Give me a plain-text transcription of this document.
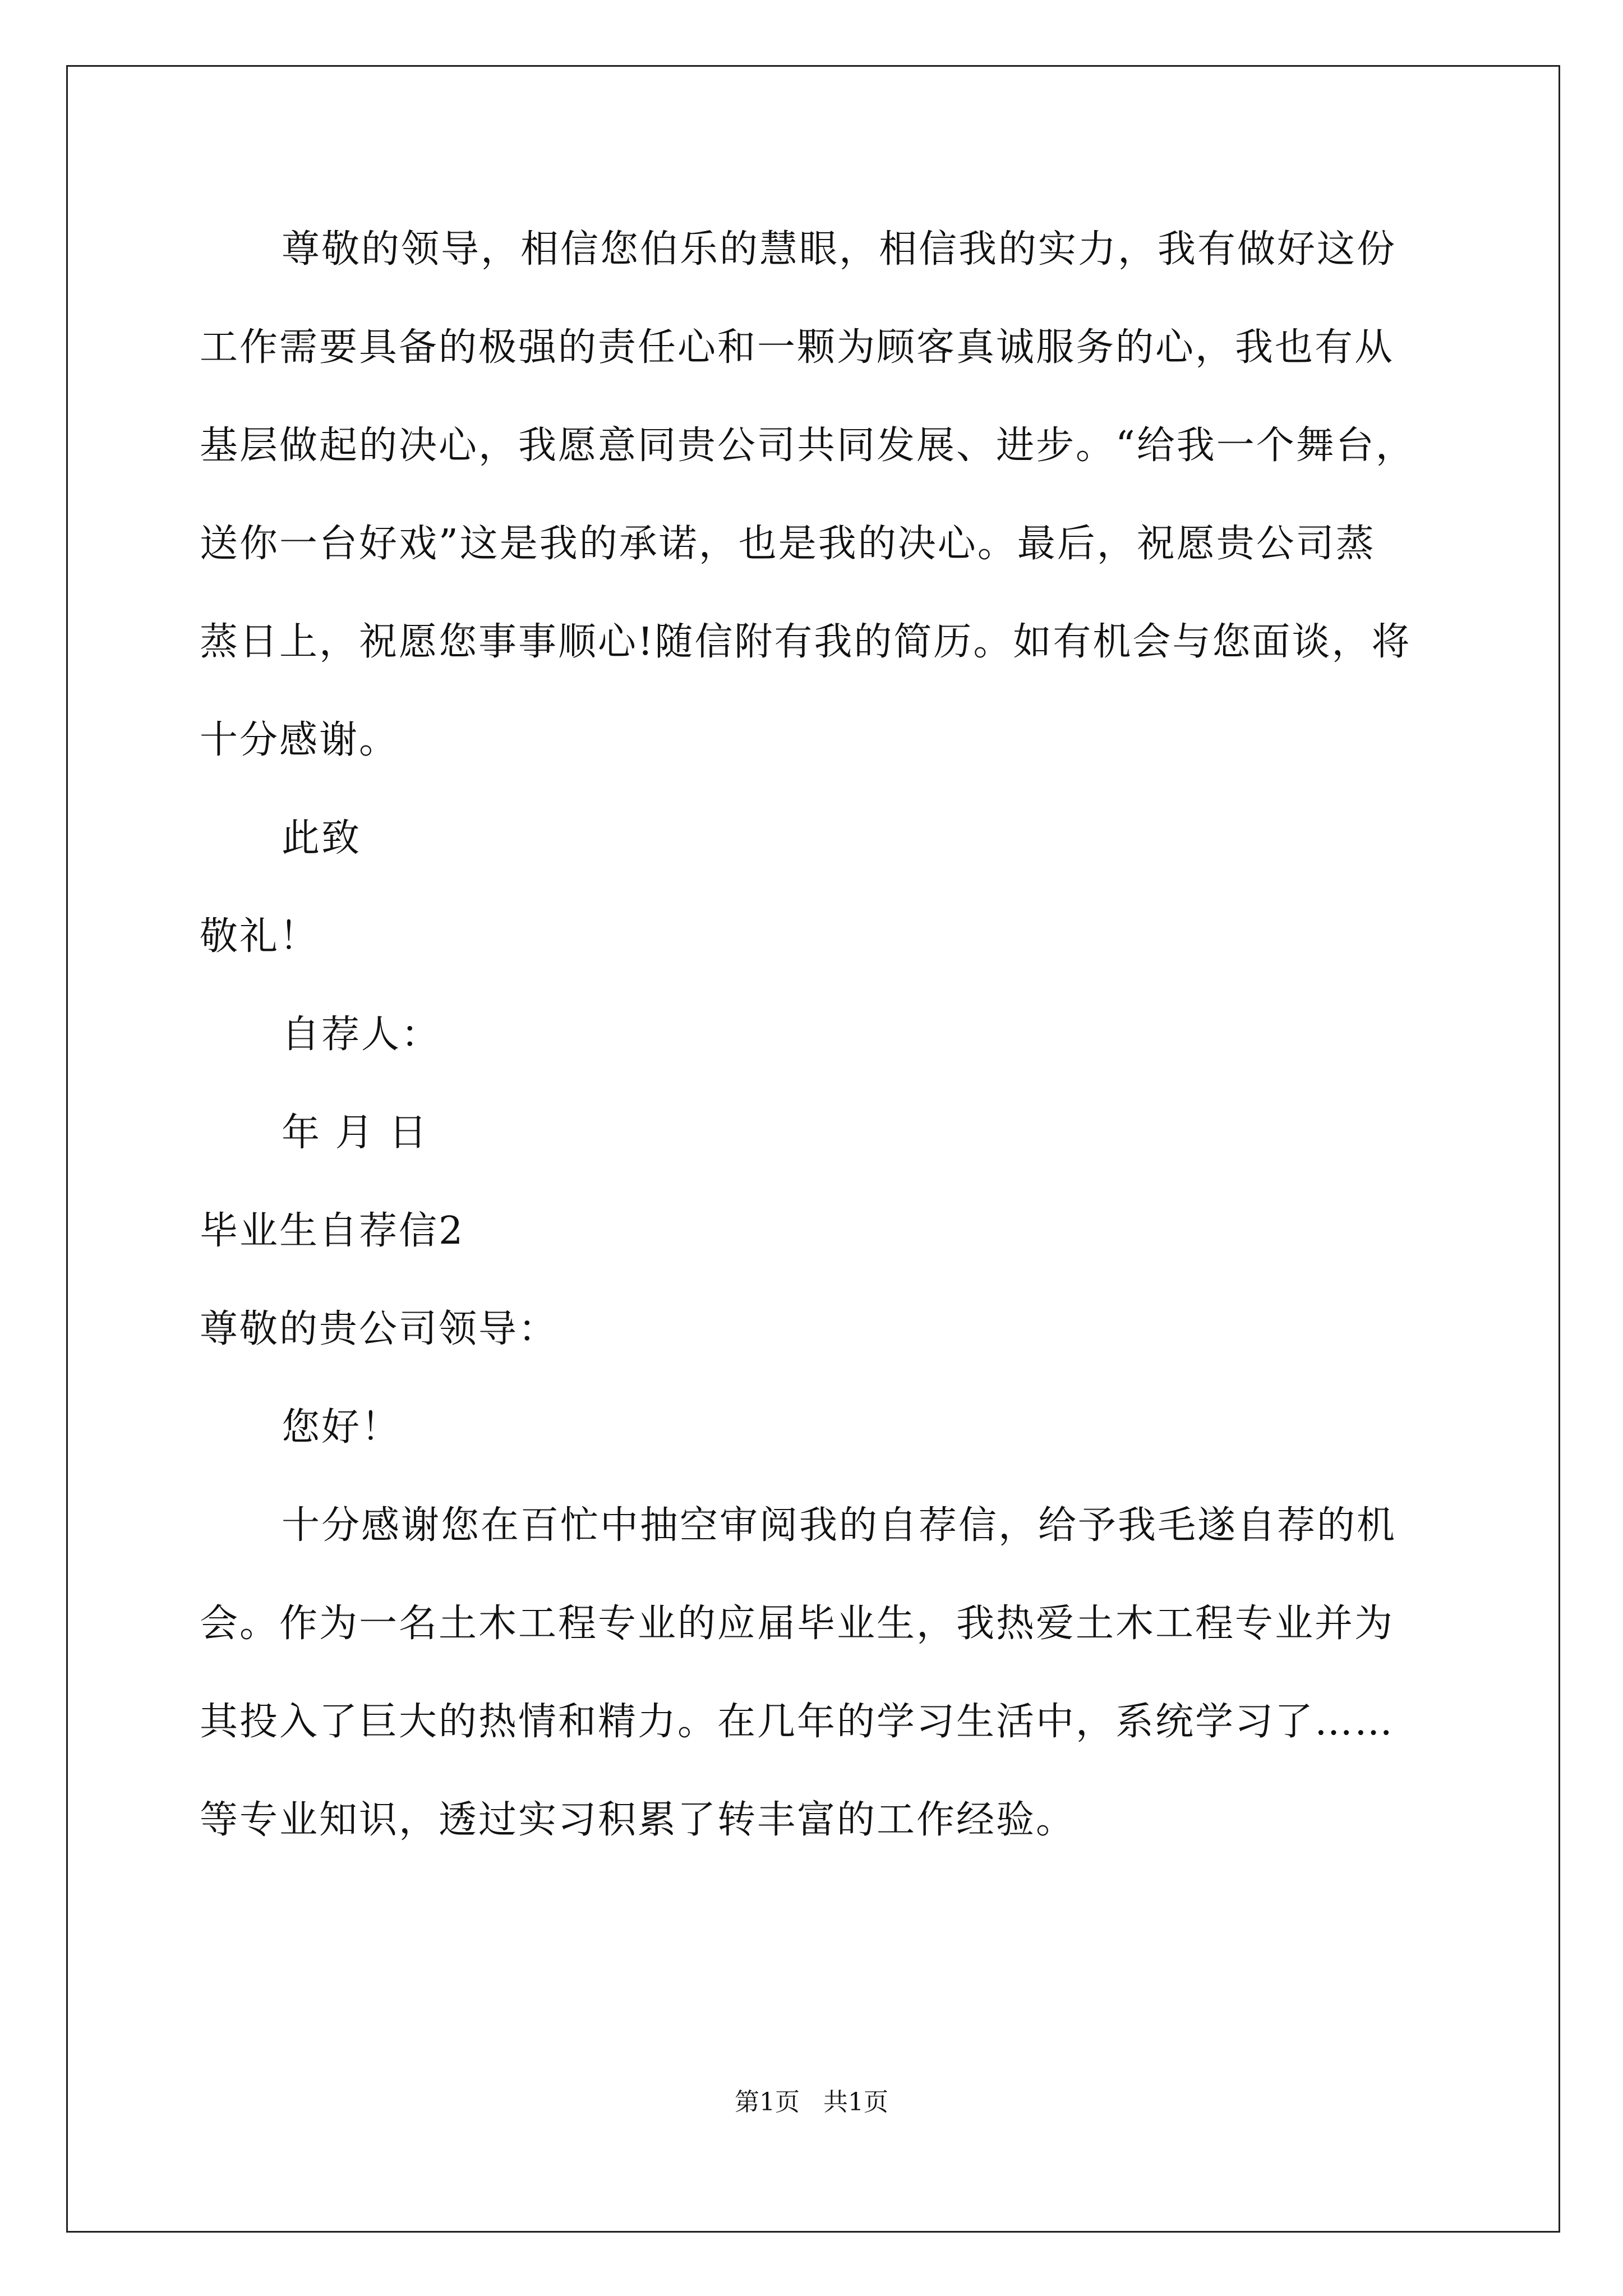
尊敬的领导，相信您伯乐的慧眼，相信我的实力，我有做好这份
工作需要具备的极强的责任心和一颗为顾客真诚服务的心，我也有从
基层做起的决心，我愿意同贵公司共同发展、进步。“给我一个舞台，
送你一台好戏”这是我的承诺，也是我的决心。最后，祝愿贵公司蒸
蒸日上，祝愿您事事顺心!随信附有我的简历。如有机会与您面谈，将
十分感谢。
此致
敬礼！
自荐人：
年 月 日
毕业生自荐信2
尊敬的贵公司领导：
您好！
十分感谢您在百忙中抽空审阅我的自荐信，给予我毛遂自荐的机
会。作为一名土木工程专业的应届毕业生，我热爱土木工程专业并为
其投入了巨大的热情和精力。在几年的学习生活中，系统学习了……
等专业知识，透过实习积累了转丰富的工作经验。
第1页   共1页
